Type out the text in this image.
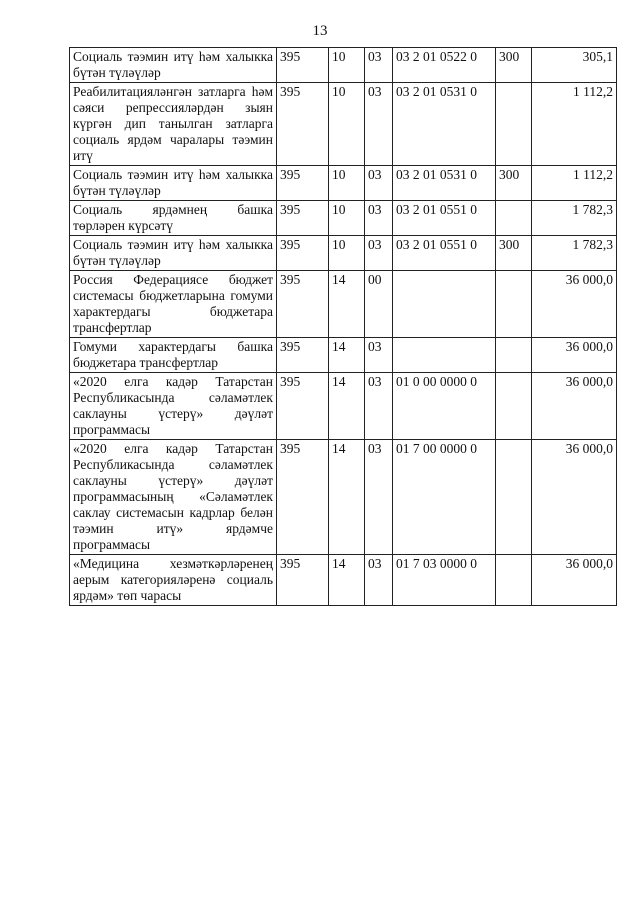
13
Социаль тәэмин итү һәм халыкка бүтән түләүләр	395	10	03	03 2 01 0522 0	300	305,1
Реабилитацияләнгән затларга һәм сәяси репрессияләрдән зыян күргән дип танылган затларга социаль ярдәм чаралары тәэмин итү	395	10	03	03 2 01 0531 0		1 112,2
Социаль тәэмин итү һәм халыкка бүтән түләүләр	395	10	03	03 2 01 0531 0	300	1 112,2
Социаль ярдәмнең башка төрләрен күрсәтү	395	10	03	03 2 01 0551 0		1 782,3
Социаль тәэмин итү һәм халыкка бүтән түләүләр	395	10	03	03 2 01 0551 0	300	1 782,3
Россия Федерациясе бюджет системасы бюджетларына гомуми характердагы бюджетара трансфертлар	395	14	00			36 000,0
Гомуми характердагы башка бюджетара трансфертлар	395	14	03			36 000,0
«2020 елга кадәр Татарстан Республикасында сәламәтлек саклауны үстерү» дәүләт программасы	395	14	03	01 0 00 0000 0		36 000,0
«2020 елга кадәр Татарстан Республикасында сәламәтлек саклауны үстерү» дәүләт программасының «Сәламәтлек саклау системасын кадрлар белән тәэмин итү» ярдәмче программасы	395	14	03	01 7 00 0000 0		36 000,0
«Медицина хезмәткәрләренең аерым категорияләренә социаль ярдәм» төп чарасы	395	14	03	01 7 03 0000 0		36 000,0
